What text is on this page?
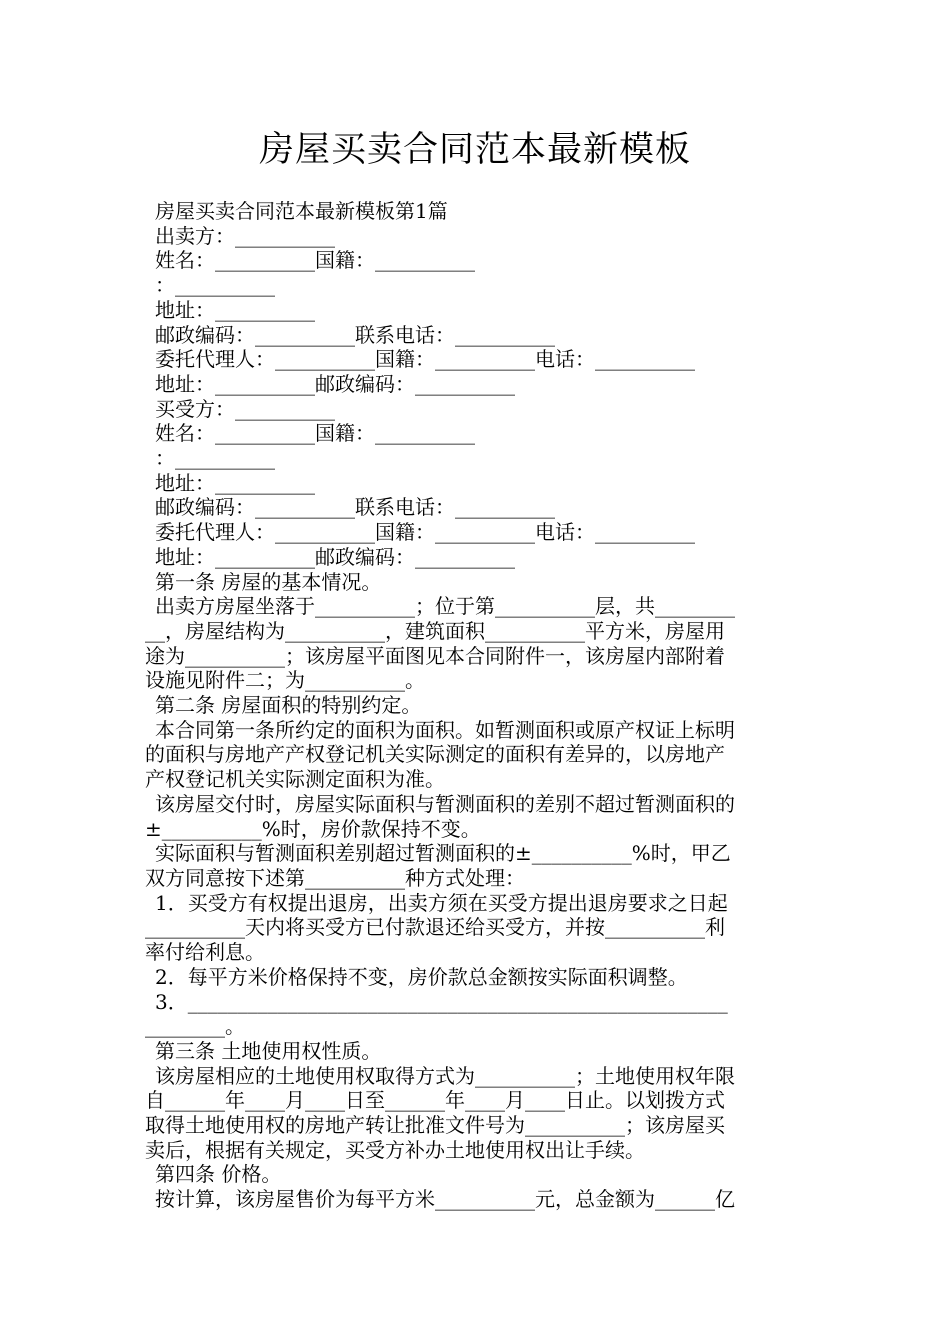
房屋买卖合同范本最新模板

房屋买卖合同范本最新模板第1篇

出卖方：__________

姓名：__________国籍：__________

：__________

地址：__________

邮政编码：__________联系电话：__________

委托代理人：__________国籍：__________电话：__________

地址：__________邮政编码：__________

买受方：__________

姓名：__________国籍：__________

：__________

地址：__________

邮政编码：__________联系电话：__________

委托代理人：__________国籍：__________电话：__________

地址：__________邮政编码：__________

第一条 房屋的基本情况。

出卖方房屋坐落于__________；位于第__________层，共________

__，房屋结构为__________，建筑面积__________平方米，房屋用

途为__________；该房屋平面图见本合同附件一，该房屋内部附着

设施见附件二；为__________。

第二条 房屋面积的特别约定。

本合同第一条所约定的面积为面积。如暂测面积或原产权证上标明

的面积与房地产产权登记机关实际测定的面积有差异的，以房地产

产权登记机关实际测定面积为准。

该房屋交付时，房屋实际面积与暂测面积的差别不超过暂测面积的

±__________%时，房价款保持不变。

实际面积与暂测面积差别超过暂测面积的±__________%时，甲乙

双方同意按下述第__________种方式处理：

1．买受方有权提出退房，出卖方须在买受方提出退房要求之日起

__________天内将买受方已付款退还给买受方，并按__________利

率付给利息。

2．每平方米价格保持不变，房价款总金额按实际面积调整。

3．______________________________________________________

________。

第三条 土地使用权性质。

该房屋相应的土地使用权取得方式为__________；土地使用权年限

自______年____月____日至______年____月____日止。以划拨方式

取得土地使用权的房地产转让批准文件号为__________；该房屋买

卖后，根据有关规定，买受方补办土地使用权出让手续。

第四条 价格。

按计算，该房屋售价为每平方米__________元，总金额为______亿
